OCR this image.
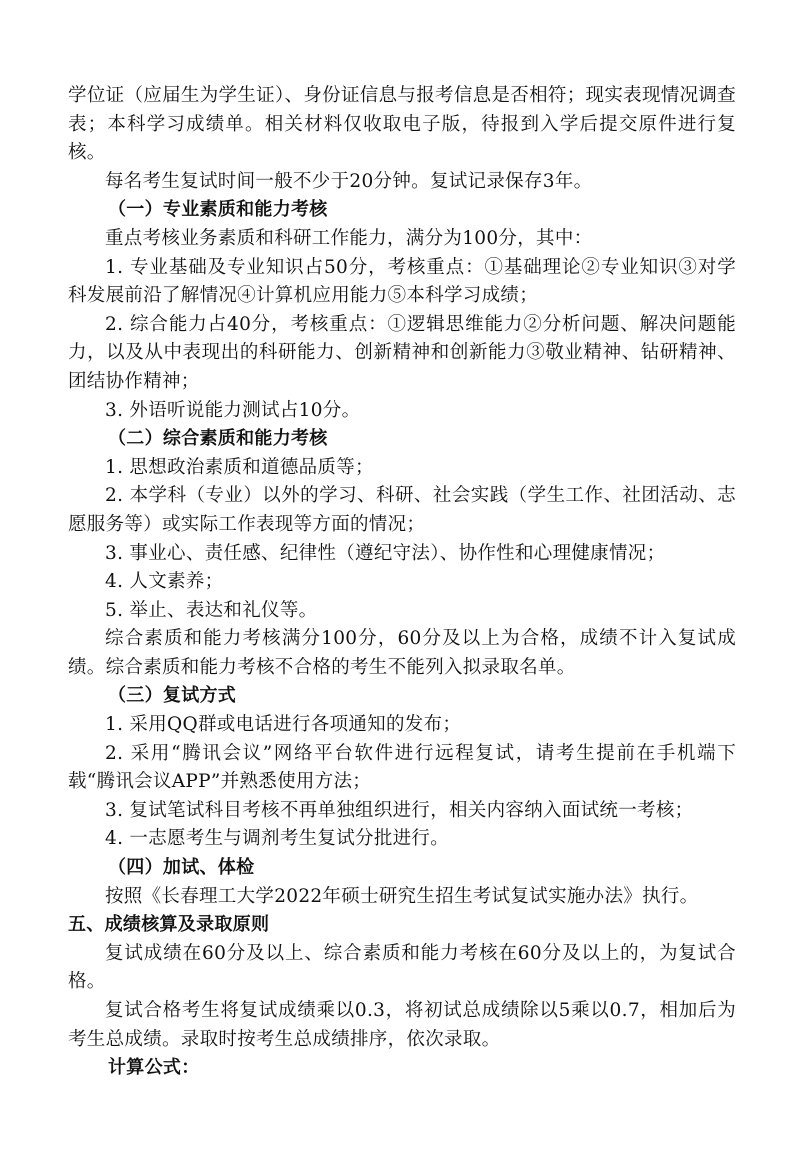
学位证（应届生为学生证）、身份证信息与报考信息是否相符；现实表现情况调查表；本科学习成绩单。相关材料仅收取电子版，待报到入学后提交原件进行复核。

每名考生复试时间一般不少于20分钟。复试记录保存3年。

（一）专业素质和能力考核

重点考核业务素质和科研工作能力，满分为100分，其中：

1. 专业基础及专业知识占50分，考核重点：①基础理论②专业知识③对学科发展前沿了解情况④计算机应用能力⑤本科学习成绩；

2. 综合能力占40分，考核重点：①逻辑思维能力②分析问题、解决问题能力，以及从中表现出的科研能力、创新精神和创新能力③敬业精神、钻研精神、团结协作精神；

3. 外语听说能力测试占10分。

（二）综合素质和能力考核

1. 思想政治素质和道德品质等；

2. 本学科（专业）以外的学习、科研、社会实践（学生工作、社团活动、志愿服务等）或实际工作表现等方面的情况；

3. 事业心、责任感、纪律性（遵纪守法）、协作性和心理健康情况；

4. 人文素养；

5. 举止、表达和礼仪等。

综合素质和能力考核满分100分，60分及以上为合格，成绩不计入复试成绩。综合素质和能力考核不合格的考生不能列入拟录取名单。

（三）复试方式

1. 采用QQ群或电话进行各项通知的发布；

2. 采用“腾讯会议”网络平台软件进行远程复试，请考生提前在手机端下载“腾讯会议APP”并熟悉使用方法；

3. 复试笔试科目考核不再单独组织进行，相关内容纳入面试统一考核；

4. 一志愿考生与调剂考生复试分批进行。

（四）加试、体检

按照《长春理工大学2022年硕士研究生招生考试复试实施办法》执行。

五、成绩核算及录取原则

复试成绩在60分及以上、综合素质和能力考核在60分及以上的，为复试合格。

复试合格考生将复试成绩乘以0.3，将初试总成绩除以5乘以0.7，相加后为考生总成绩。录取时按考生总成绩排序，依次录取。

计算公式：
